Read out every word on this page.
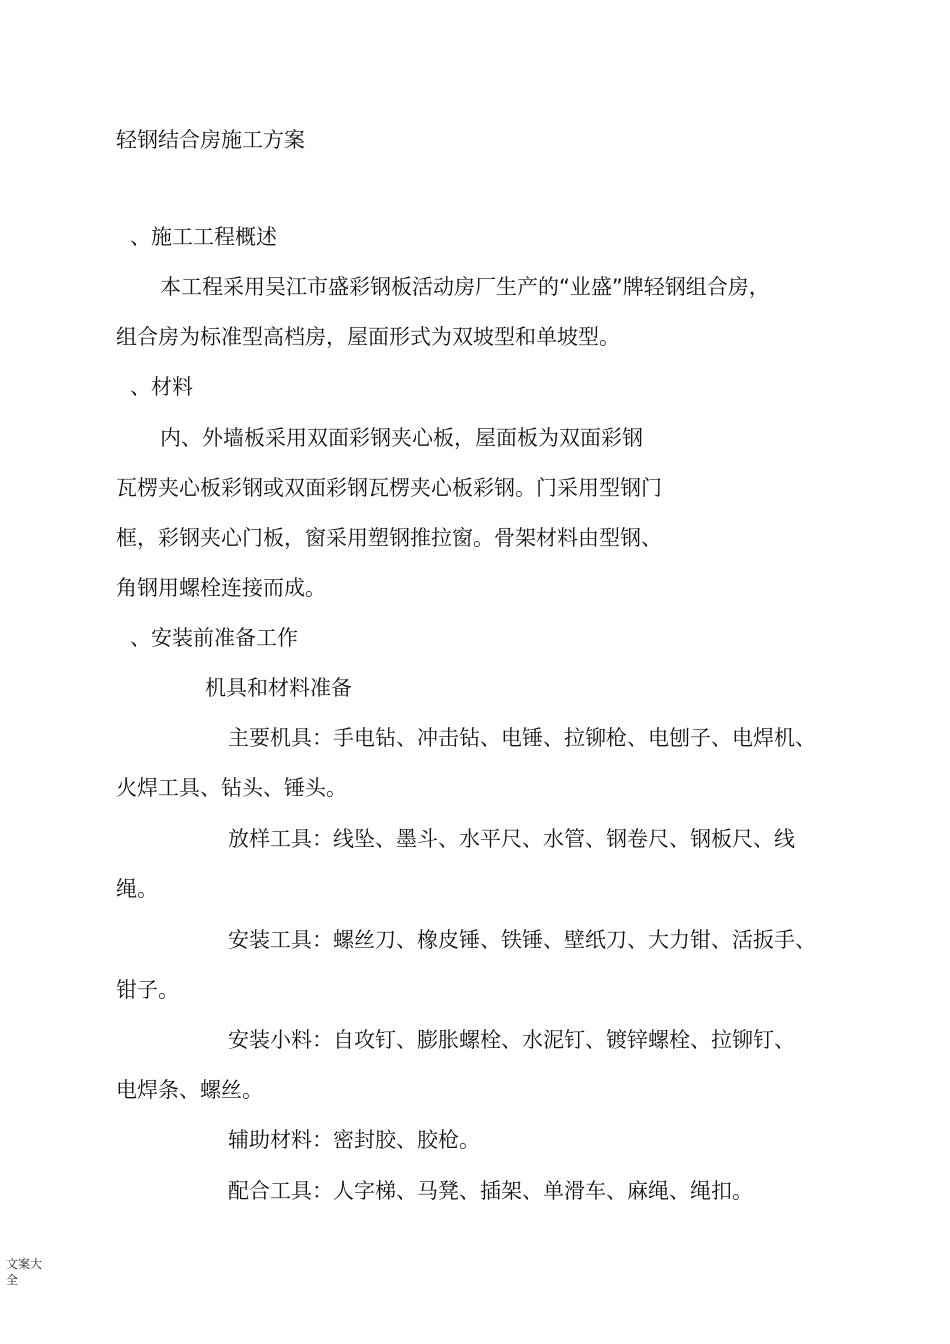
轻钢结合房施工方案
、施工工程概述
本工程采用吴江市盛彩钢板活动房厂生产的“业盛”牌轻钢组合房，
组合房为标准型高档房，屋面形式为双坡型和单坡型。
、材料
内、外墙板采用双面彩钢夹心板，屋面板为双面彩钢
瓦楞夹心板彩钢或双面彩钢瓦楞夹心板彩钢。门采用型钢门
框，彩钢夹心门板，窗采用塑钢推拉窗。骨架材料由型钢、
角钢用螺栓连接而成。
、安装前准备工作
机具和材料准备
主要机具：手电钻、冲击钻、电锤、拉铆枪、电刨子、电焊机、
火焊工具、钻头、锤头。
放样工具：线坠、墨斗、水平尺、水管、钢卷尺、钢板尺、线
绳。
安装工具：螺丝刀、橡皮锤、铁锤、壁纸刀、大力钳、活扳手、
钳子。
安装小料：自攻钉、膨胀螺栓、水泥钉、镀锌螺栓、拉铆钉、
电焊条、螺丝。
辅助材料：密封胶、胶枪。
配合工具：人字梯、马凳、插架、单滑车、麻绳、绳扣。
文案大全
